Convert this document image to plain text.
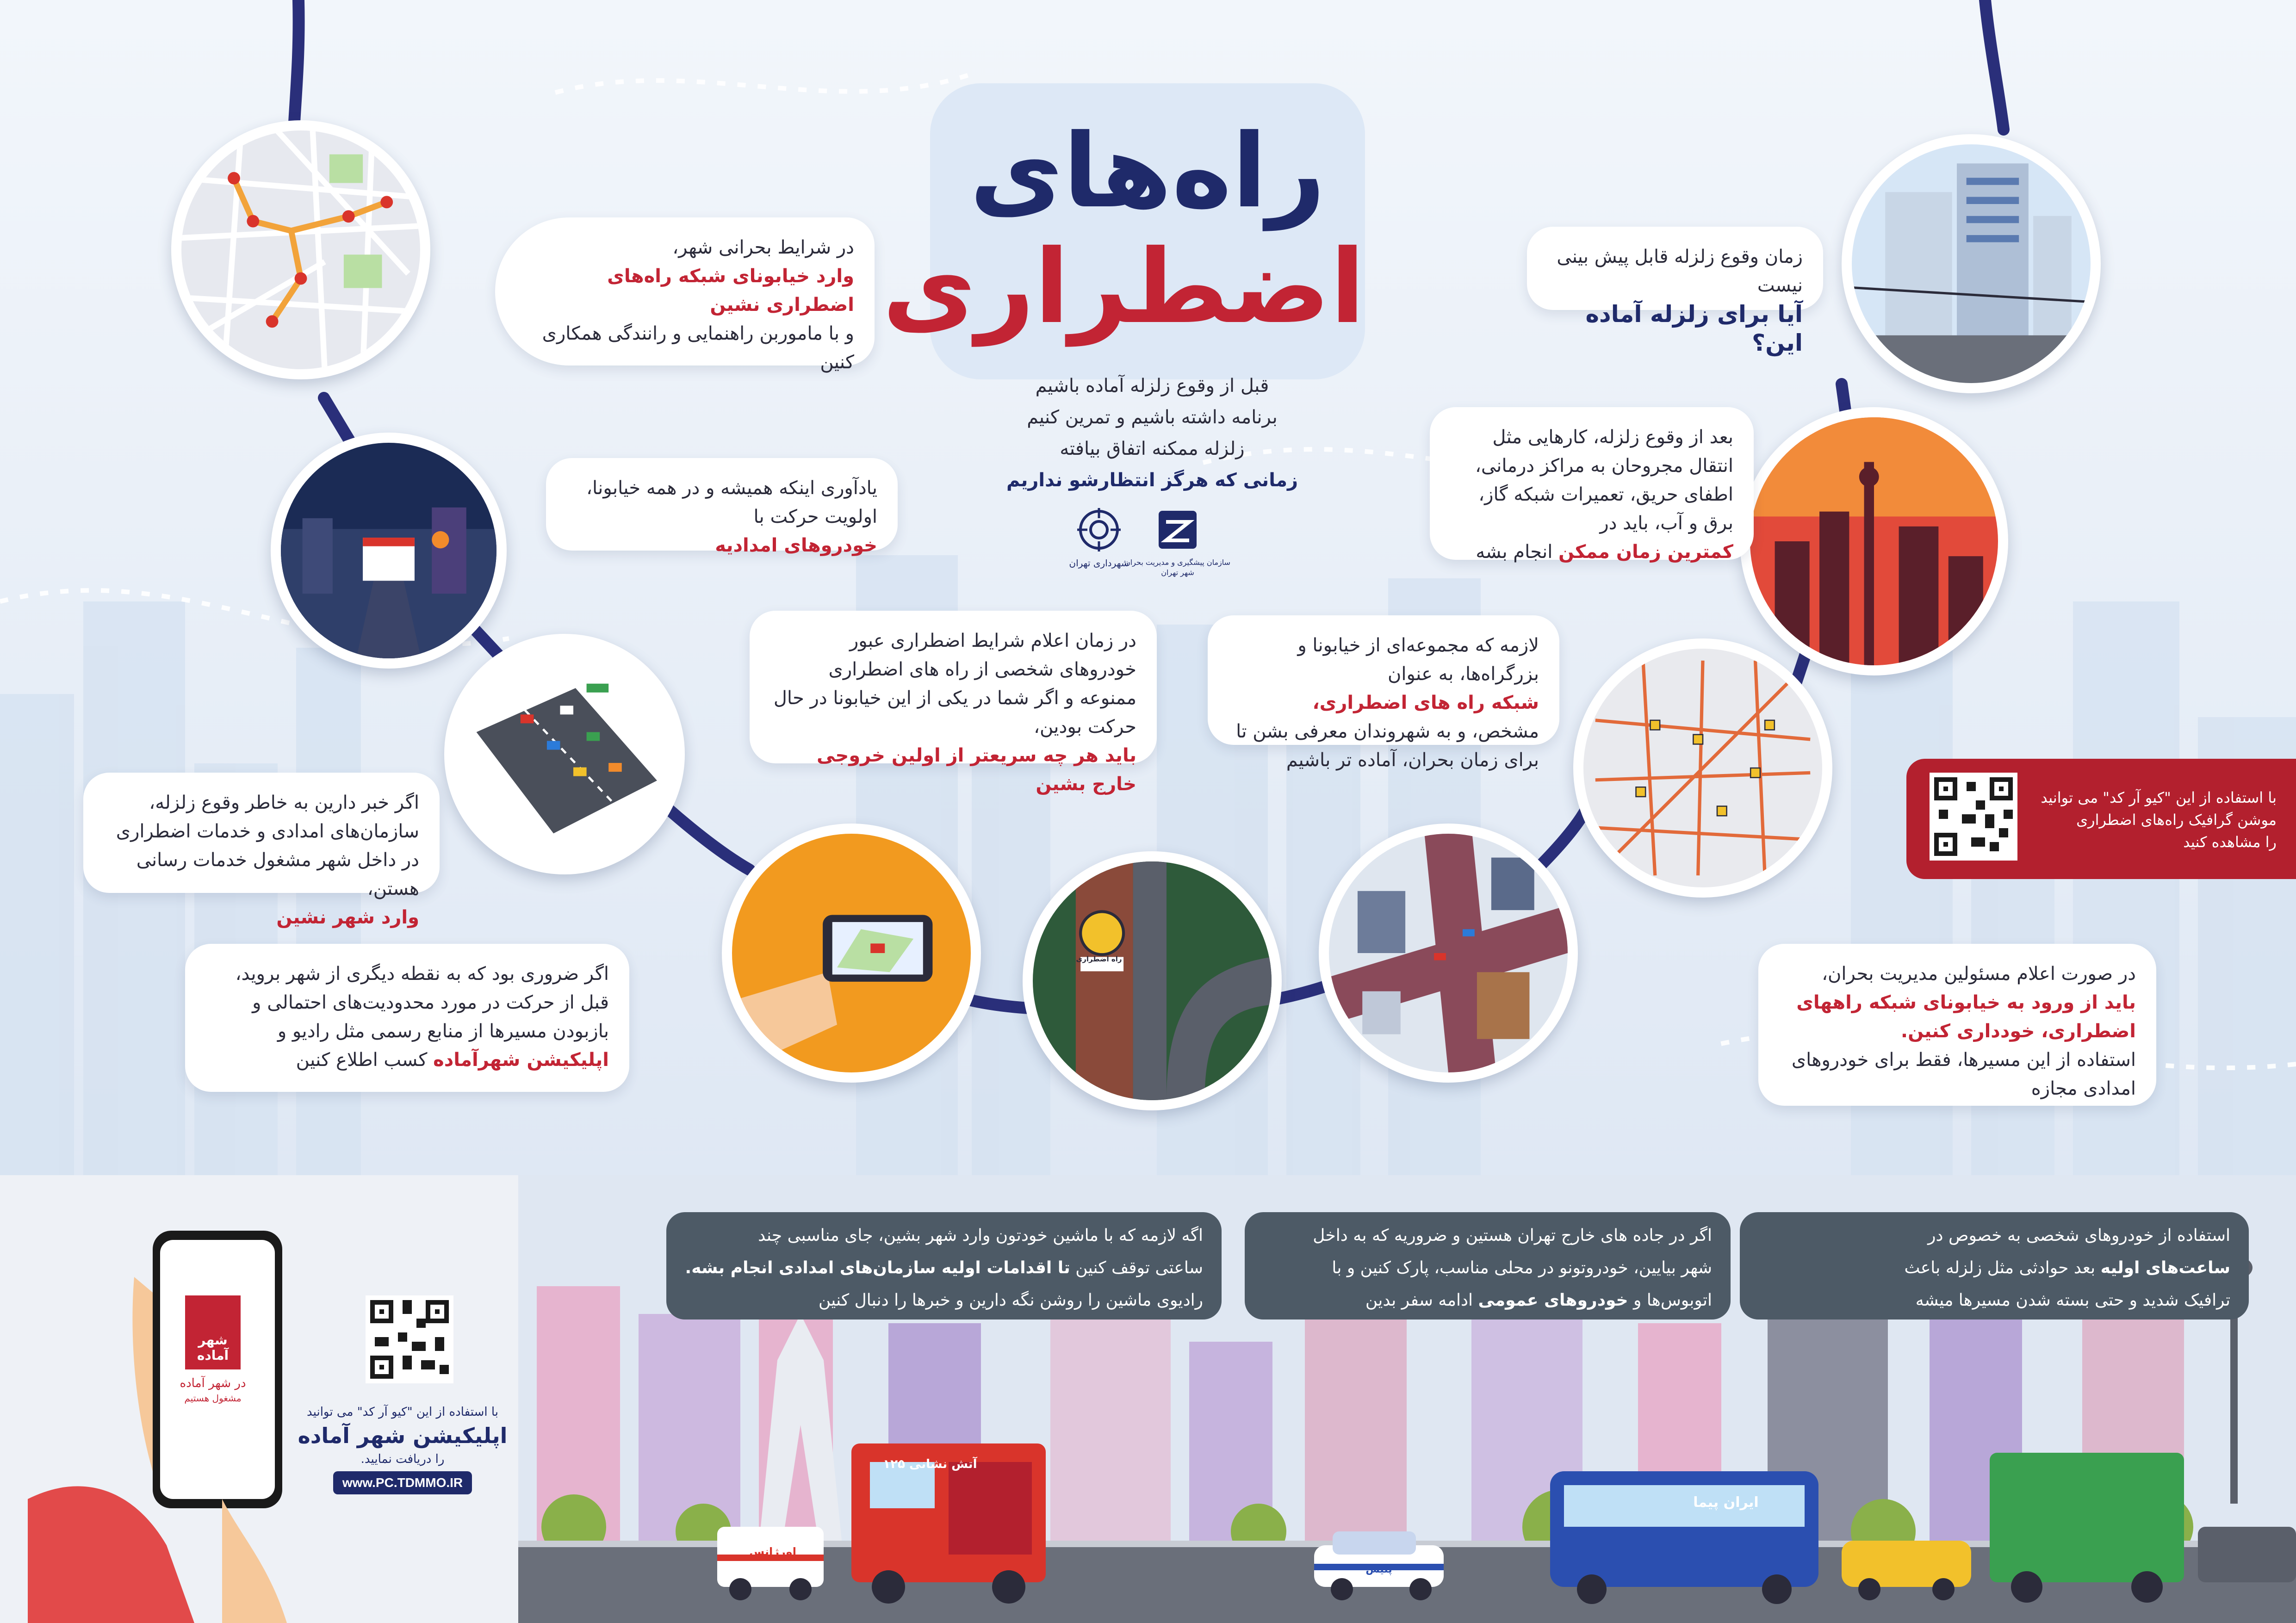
راه‌های
اضطراری
قبل از وقوع زلزله آماده باشیم
برنامه داشته باشیم و تمرین کنیم
زلزله ممکنه اتفاق بیافته
زمانی که هرگز انتظارشو نداریم
شهرداری تهران
سازمان پیشگیری و مدیریت بحران شهر تهران
راه اضطراری

در شرایط بحرانی شهر،

وارد خیابونای شبکه راه‌های اضطراری نشین

و با ماموربن راهنمایی و رانندگی همکاری کنین

یادآوری اینکه همیشه و در همه خیابونا، اولویت حرکت با

خودروهای امدادیه

در زمان اعلام شرایط اضطراری عبور خودروهای شخصی از راه های اضطراری ممنوعه و اگر شما در یکی از این خیابونا در حال حرکت بودین،

باید هر چه سریعتر از اولین خروجی خارج بشین

اگر خبر دارین به خاطر وقوع زلزله، سازمان‌های امدادی و خدمات اضطراری در داخل شهر مشغول خدمات رسانی هستن،

وارد شهر نشین

اگر ضروری بود که به نقطه دیگری از شهر بروید، قبل از حرکت در مورد محدودیت‌های احتمالی و بازبودن مسیرها از منابع رسمی مثل رادیو و

اپلیکیشن شهرآماده کسب اطلاع کنین

زمان وقوع زلزله قابل پیش بینی نیست

آیا برای زلزله آماده این؟

بعد از وقوع زلزله، کارهایی مثل انتقال مجروحان به مراکز درمانی، اطفای حریق، تعمیرات شبکه گاز، برق و آب، باید در

کمترین زمان ممکن انجام بشه

لازمه که مجموعه‌ای از خیابونا و بزرگراه‌ها، به عنوان

شبکه راه های اضطراری،

مشخص، و به شهروندان معرفی بشن تا برای زمان بحران، آماده تر باشیم

در صورت اعلام مسئولین مدیریت بحران،

باید از ورود به خیابونای شبکه راههای اضطراری، خودداری کنین.

استفاده از این مسیرها، فقط برای خودروهای امدادی مجازه

با استفاده از این "کیو آر کد" می توانید
موشن گرافیک راه‌های اضطراری
را مشاهده کنید
استفاده از خودروهای شخصی به خصوص در
ساعت‌های اولیه بعد حوادثی مثل زلزله باعث
ترافیک شدید و حتی بسته شدن مسیرها میشه
اگر در جاده های خارج تهران هستین و ضروریه که به داخل
شهر بیایین، خودروتونو در محلی مناسب، پارک کنین و با
اتوبوس‌ها و خودروهای عمومی ادامه سفر بدین
اگه لازمه که با ماشین خودتون وارد شهر بشین، جای مناسبی چند
ساعتی توقف کنین تا اقدامات اولیه سازمان‌های امدادی انجام بشه.
رادیوی ماشین را روشن نگه دارین و خبرها را دنبال کنین
اورژانس
آتش نشانی ۱۲۵
پلیس
ایران پیما
شهر آماده
در شهر آماده
مشغول هستیم
با استفاده از این "کیو آر کد" می توانید
اپلیکیشن شهر آماده
را دریافت نمایید.
www.PC.TDMMO.IR
